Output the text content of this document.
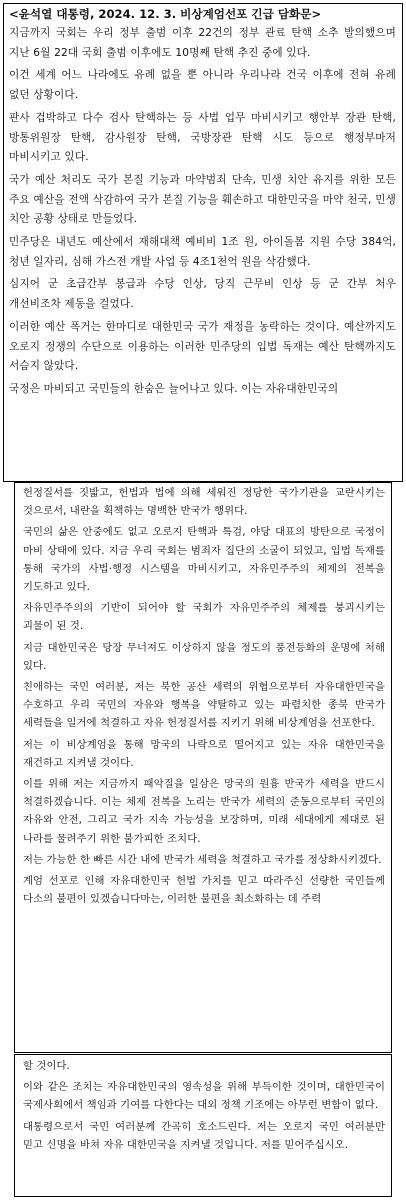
<윤석열 대통령, 2024. 12. 3. 비상계엄선포 긴급 담화문>

지금까지 국회는 우리 정부 출범 이후 22건의 정부 관료 탄핵 소추 발의했으며 지난 6월 22대 국회 출범 이후에도 10명째 탄핵 추진 중에 있다.

이건 세계 어느 나라에도 유례 없을 뿐 아니라 우리나라 건국 이후에 전혀 유례 없던 상황이다.

판사 겁박하고 다수 검사 탄핵하는 등 사법 업무 마비시키고 행안부 장관 탄핵, 방통위원장 탄핵, 감사원장 탄핵, 국방장관 탄핵 시도 등으로 행정부마저 마비시키고 있다.

국가 예산 처리도 국가 본질 기능과 마약범죄 단속, 민생 치안 유지를 위한 모든 주요 예산을 전액 삭감하여 국가 본질 기능을 훼손하고 대한민국을 마약 천국, 민생 치안 공황 상태로 만들었다.

민주당은 내년도 예산에서 재해대책 예비비 1조 원, 아이돌봄 지원 수당 384억, 청년 일자리, 심해 가스전 개발 사업 등 4조1천억 원을 삭감했다.

심지어 군 초급간부 봉급과 수당 인상, 당직 근무비 인상 등 군 간부 처우 개선비조차 제동을 걸었다.

이러한 예산 폭거는 한마디로 대한민국 국가 재정을 농락하는 것이다. 예산까지도 오로지 정쟁의 수단으로 이용하는 이러한 민주당의 입법 독재는 예산 탄핵까지도 서슴지 않았다.

국정은 마비되고 국민들의 한숨은 늘어나고 있다. 이는 자유대한민국의

헌정질서를 짓밟고, 헌법과 법에 의해 세워진 정당한 국가기관을 교란시키는 것으로서, 내란을 획책하는 명백한 반국가 행위다.

국민의 삶은 안중에도 없고 오로지 탄핵과 특검, 야당 대표의 방탄으로 국정이 마비 상태에 있다. 지금 우리 국회는 범죄자 집단의 소굴이 되었고, 입법 독재를 통해 국가의 사법·행정 시스템을 마비시키고, 자유민주주의 체제의 전복을 기도하고 있다.

자유민주주의의 기반이 되어야 할 국회가 자유민주주의 체제를 붕괴시키는 괴물이 된 것.

지금 대한민국은 당장 무너져도 이상하지 않을 정도의 풍전등화의 운명에 처해 있다.

친애하는 국민 여러분, 저는 북한 공산 세력의 위협으로부터 자유대한민국을 수호하고 우리 국민의 자유와 행복을 약탈하고 있는 파렴치한 종북 반국가 세력들을 일거에 척결하고 자유 헌정질서를 지키기 위해 비상계엄을 선포한다.

저는 이 비상계엄을 통해 망국의 나락으로 떨어지고 있는 자유 대한민국을 재건하고 지켜낼 것이다.

이를 위해 저는 지금까지 패악질을 일삼은 망국의 원흉 반국가 세력을 반드시 척결하겠습니다. 이는 체제 전복을 노리는 반국가 세력의 준동으로부터 국민의 자유와 안전, 그리고 국가 지속 가능성을 보장하며, 미래 세대에게 제대로 된 나라를 물려주기 위한 불가피한 조치다.

저는 가능한 한 빠른 시간 내에 반국가 세력을 척결하고 국가를 정상화시키겠다.

계엄 선포로 인해 자유대한민국 헌법 가치를 믿고 따라주신 선량한 국민들께 다소의 불편이 있겠습니다마는, 이러한 불편을 최소화하는 데 주력

할 것이다.

이와 같은 조치는 자유대한민국의 영속성을 위해 부득이한 것이며, 대한민국이 국제사회에서 책임과 기여를 다한다는 대외 정책 기조에는 아무런 변함이 없다.

대통령으로서 국민 여러분께 간곡히 호소드린다. 저는 오로지 국민 여러분만 믿고 신명을 바쳐 자유 대한민국을 지켜낼 것입니다. 저를 믿어주십시오.
